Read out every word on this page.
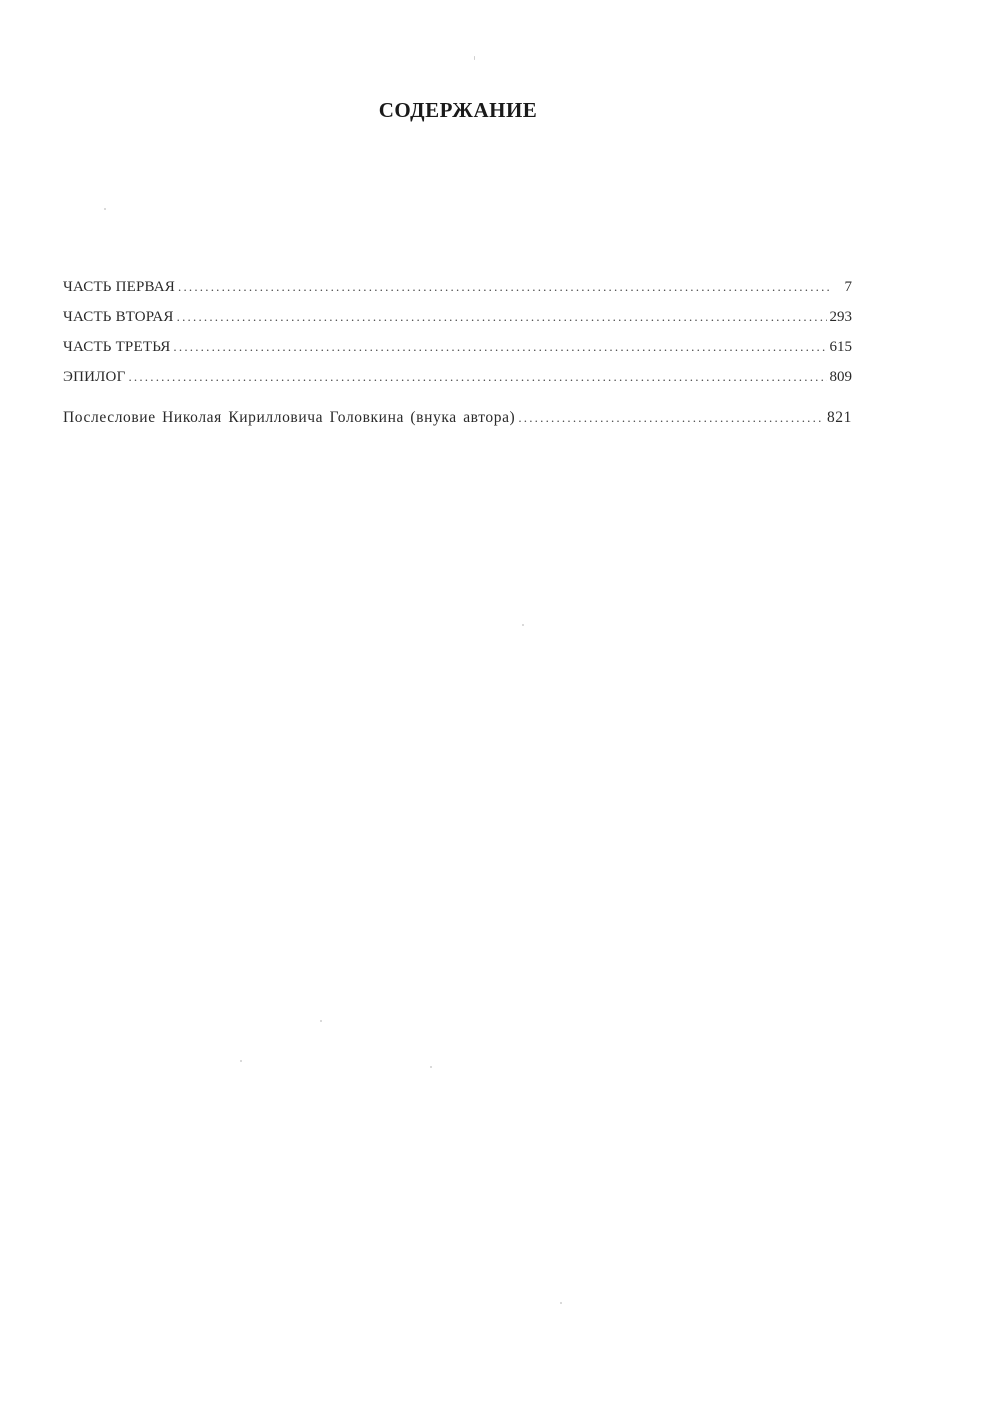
СОДЕРЖАНИЕ
ЧАСТЬ ПЕРВАЯ .....	7
ЧАСТЬ ВТОРАЯ .....	293
ЧАСТЬ ТРЕТЬЯ .....	615
ЭПИЛОГ .....	809
Послесловие Николая Кирилловича Головкина (внука автора) .....	821
